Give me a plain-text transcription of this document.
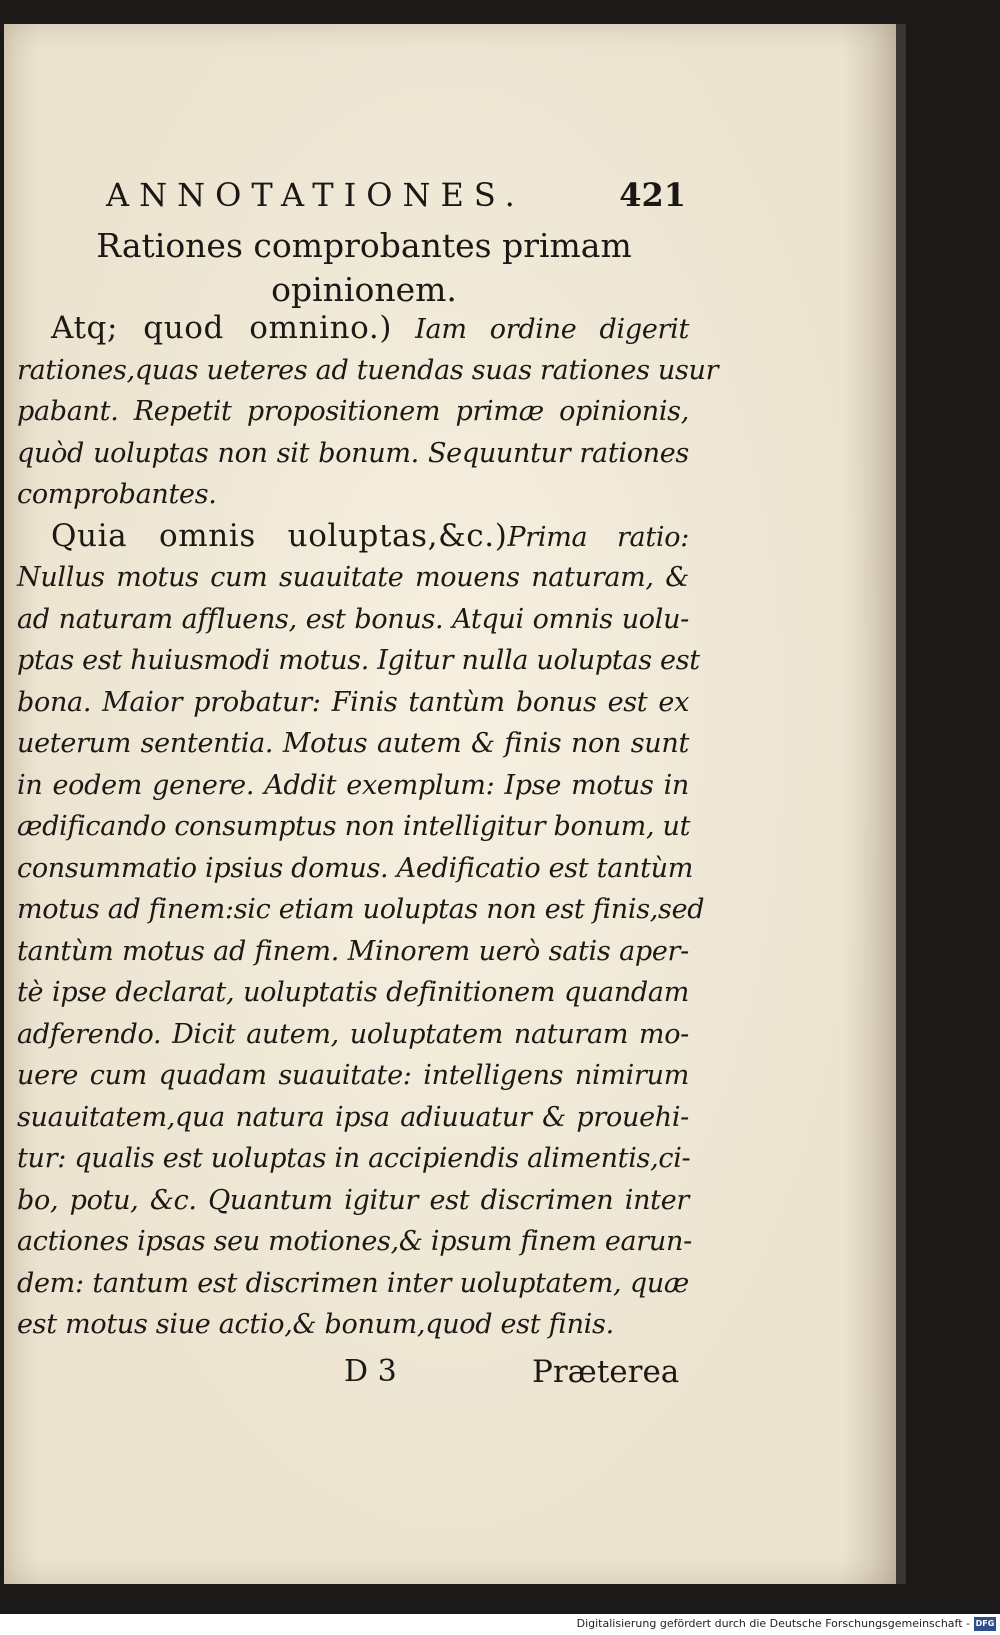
ANNOTATIONES.	421
Rationes comprobantes primam
opinionem.
Atq; quod omnino.) Iam ordine digerit
rationes,quas ueteres ad tuendas suas rationes usur
pabant. Repetit propositionem primæ opinionis,
quòd uoluptas non sit bonum. Sequuntur rationes
comprobantes.
Quia omnis uoluptas,&c.)Prima ratio:
Nullus motus cum suauitate mouens naturam, &
ad naturam affluens, est bonus. Atqui omnis uolu-
ptas est huiusmodi motus. Igitur nulla uoluptas est
bona. Maior probatur: Finis tantùm bonus est ex
ueterum sententia. Motus autem & finis non sunt
in eodem genere. Addit exemplum: Ipse motus in
ædificando consumptus non intelligitur bonum, ut
consummatio ipsius domus. Aedificatio est tantùm
motus ad finem:sic etiam uoluptas non est finis,sed
tantùm motus ad finem. Minorem uerò satis aper-
tè ipse declarat, uoluptatis definitionem quandam
adferendo. Dicit autem, uoluptatem naturam mo-
uere cum quadam suauitate: intelligens nimirum
suauitatem,qua natura ipsa adiuuatur & prouehi-
tur: qualis est uoluptas in accipiendis alimentis,ci-
bo, potu, &c. Quantum igitur est discrimen inter
actiones ipsas seu motiones,& ipsum finem earun-
dem: tantum est discrimen inter uoluptatem, quæ
est motus siue actio,& bonum,quod est finis.
D 3	Præterea
Digitalisierung gefördert durch die Deutsche Forschungsgemeinschaft - DFG
